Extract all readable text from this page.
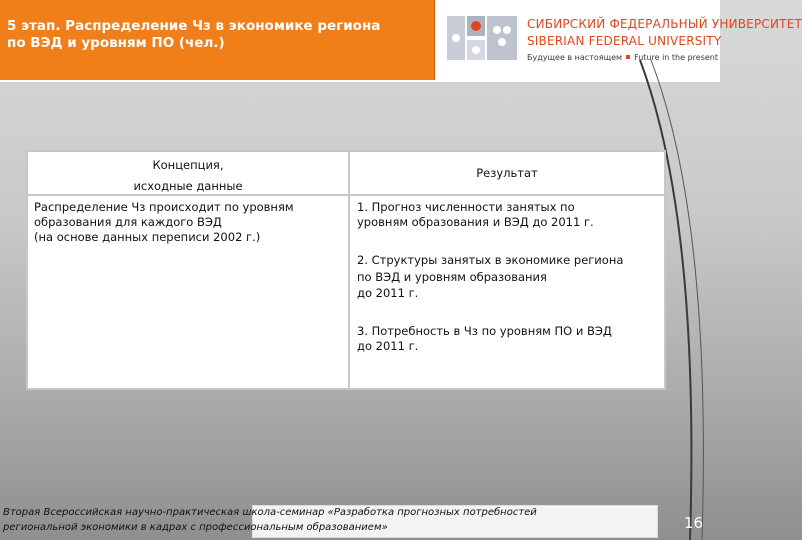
5 этап. Распределение Чз в экономике региона
по ВЭД и уровням ПО (чел.)
СИБИРСКИЙ ФЕДЕРАЛЬНЫЙ УНИВЕРСИТЕТ
SIBERIAN FEDERAL UNIVERSITY
Будущее в настоящем Future in the present
Концепция,
исходные данные
Распределение Чз происходит по уровням
образования для каждого ВЭД
(на основе данных переписи 2002 г.)
Результат
1. Прогноз численности занятых по
уровням образования и ВЭД до 2011 г.
2. Структуры занятых в экономике региона
по ВЭД и уровням образования
до 2011 г.
3. Потребность в Чз по уровням ПО и ВЭД
до 2011 г.
Вторая Всероссийская научно-практическая школа-семинар «Разработка прогнозных потребностей
региональной экономики в кадрах с профессиональным образованием»	16
